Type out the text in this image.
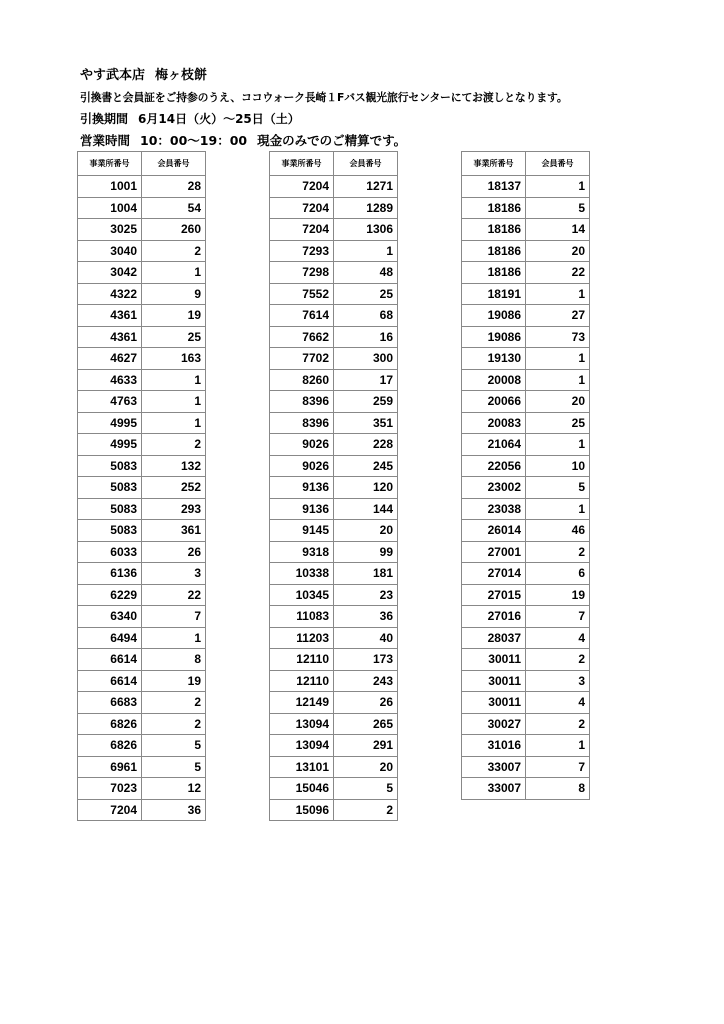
やす武本店 梅ヶ枝餅
引換書と会員証をご持参のうえ、ココウォーク長崎１Fバス観光旅行センターにてお渡しとなります。
引換期間 6月14日（火）～25日（土）
営業時間 10：00～19：00 現金のみでのご精算です。
事業所番号	会員番号
1001	28
1004	54
3025	260
3040	2
3042	1
4322	9
4361	19
4361	25
4627	163
4633	1
4763	1
4995	1
4995	2
5083	132
5083	252
5083	293
5083	361
6033	26
6136	3
6229	22
6340	7
6494	1
6614	8
6614	19
6683	2
6826	2
6826	5
6961	5
7023	12
7204	36
事業所番号	会員番号
7204	1271
7204	1289
7204	1306
7293	1
7298	48
7552	25
7614	68
7662	16
7702	300
8260	17
8396	259
8396	351
9026	228
9026	245
9136	120
9136	144
9145	20
9318	99
10338	181
10345	23
11083	36
11203	40
12110	173
12110	243
12149	26
13094	265
13094	291
13101	20
15046	5
15096	2
事業所番号	会員番号
18137	1
18186	5
18186	14
18186	20
18186	22
18191	1
19086	27
19086	73
19130	1
20008	1
20066	20
20083	25
21064	1
22056	10
23002	5
23038	1
26014	46
27001	2
27014	6
27015	19
27016	7
28037	4
30011	2
30011	3
30011	4
30027	2
31016	1
33007	7
33007	8
